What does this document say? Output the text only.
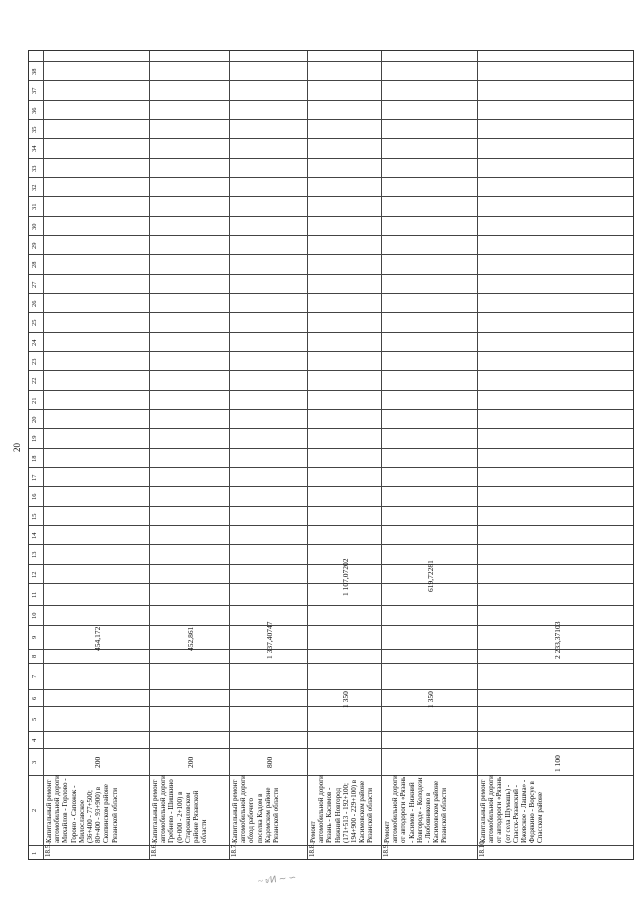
20
1
2
3
4
5
6
7
8
9
10
11
12
13
14
15
16
17
18
19
20
21
22
23
24
25
26
27
28
29
30
31
32
33
34
35
36
37
38
18.5.
Капитальный ремонт автомобильной дороги Михайлов - Горлово - Гороно - Сапожок - Милославское (36+400 - 77+500; 80+400 - 93+900) в Скопинском районе Рязанской области
200
454,172
18.6.
Капитальный ремонт автомобильной дороги Гребнево - Шишкино (0+000 - 2+100) в Старожиловском районе Рязанской области
200
452,861
18.7.
Капитальный ремонт автомобильной дороги обход рабочего поселка Кадом в Кадомском районе Рязанской области
800
1 337,40747
18.8.
Ремонт автомобильной дороги Рязань - Касимов - Нижний Новгород (171+513 - 192+100; 194+900 - 229+100) в Касимовском районе Рязанской области
1 350
1 107,07202
18.9.
Ремонт автомобильной дороги от автодороги «Рязань - Касимов - Нижний Новгород» - Колодези - Любовниково в Касимовском районе Рязанской области
1 350
619,72281
18.10.
Капитальный ремонт автомобильной дороги от автодороги «Рязань (от села Шумашь) - Спасск-Рязанский - Ижевское - Лашма» - Федякино - Ворсуе в Спасском районе
1 100
2 233,37103
~ ৶ⵍ ∼ ∽
